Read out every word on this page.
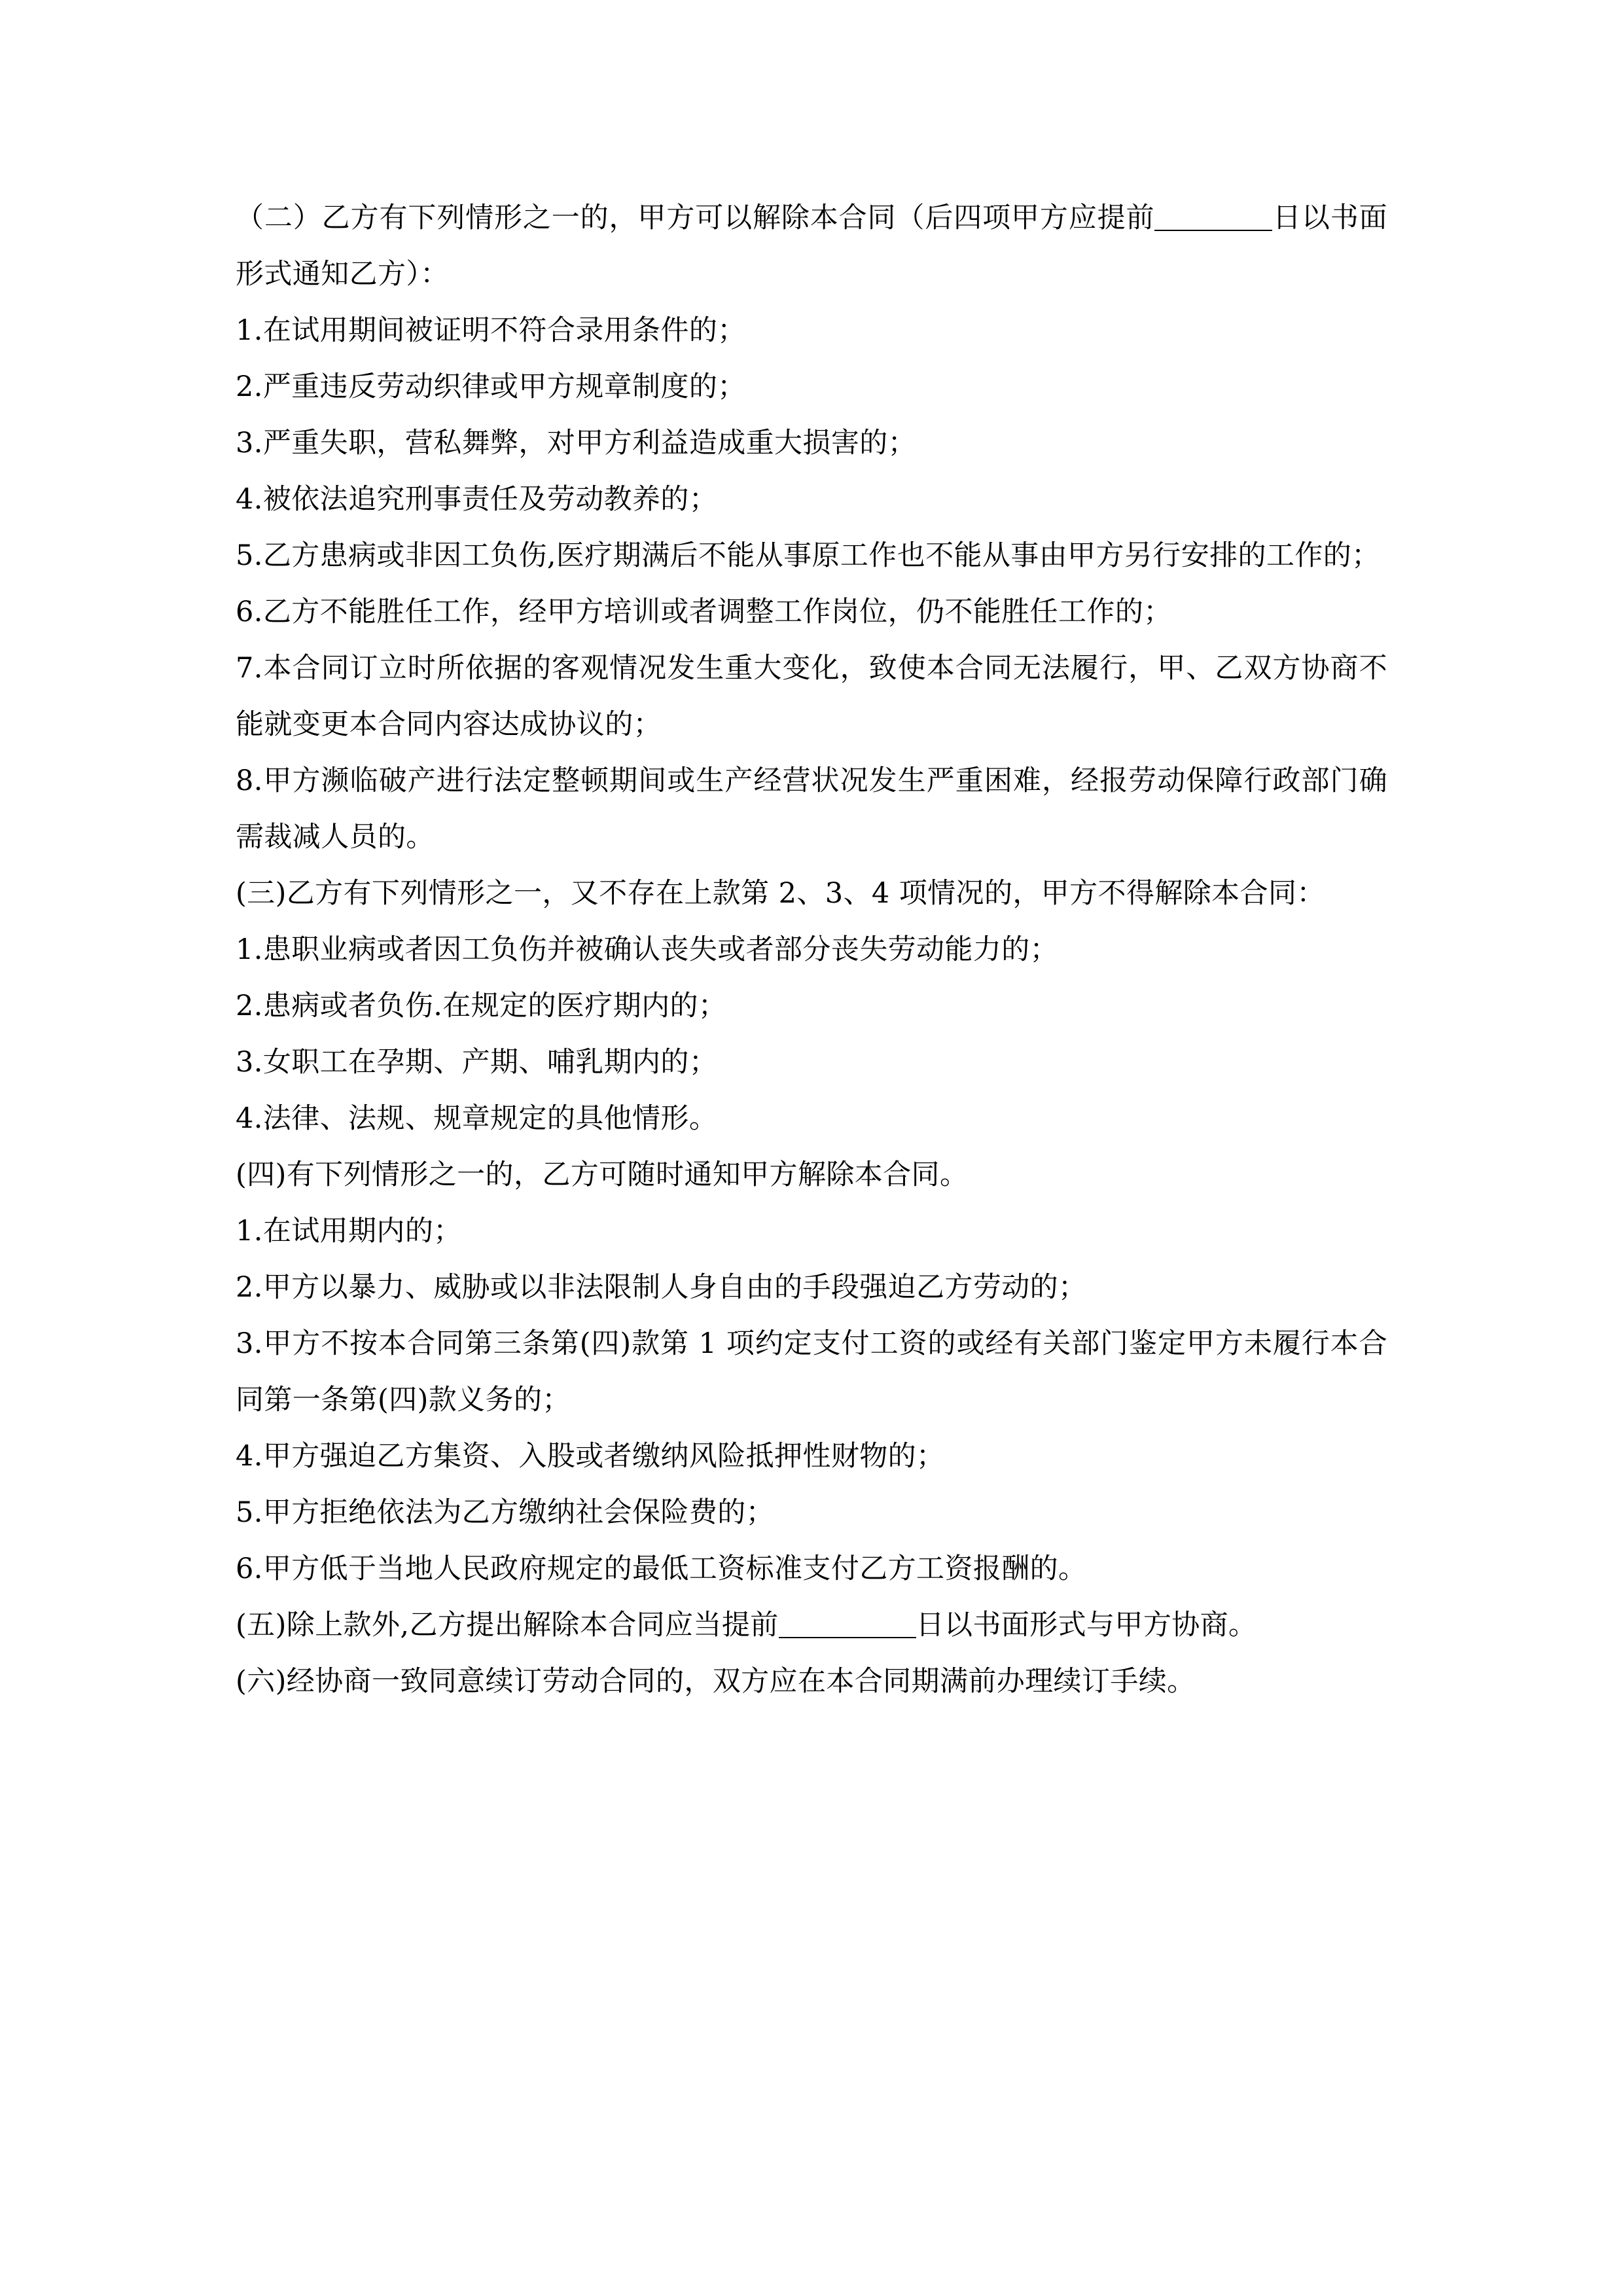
（二）乙方有下列情形之一的，甲方可以解除本合同（后四项甲方应提前	日以书面形式通知乙方）：

1.在试用期间被证明不符合录用条件的；

2.严重违反劳动织律或甲方规章制度的；

3.严重失职，营私舞弊，对甲方利益造成重大损害的；

4.被依法追究刑事责任及劳动教养的；

5.乙方患病或非因工负伤,医疗期满后不能从事原工作也不能从事由甲方另行安排的工作的；

6.乙方不能胜任工作，经甲方培训或者调整工作岗位，仍不能胜任工作的；

7.本合同订立时所依据的客观情况发生重大变化，致使本合同无法履行，甲、乙双方协商不能就变更本合同内容达成协议的；

8.甲方濒临破产进行法定整顿期间或生产经营状况发生严重困难，经报劳动保障行政部门确需裁减人员的。

(三)乙方有下列情形之一，又不存在上款第 2、3、4 项情况的，甲方不得解除本合同：

1.患职业病或者因工负伤并被确认丧失或者部分丧失劳动能力的；

2.患病或者负伤.在规定的医疗期内的；

3.女职工在孕期、产期、哺乳期内的；

4.法律、法规、规章规定的具他情形。

(四)有下列情形之一的，乙方可随时通知甲方解除本合同。

1.在试用期内的；

2.甲方以暴力、威胁或以非法限制人身自由的手段强迫乙方劳动的；

3.甲方不按本合同第三条第(四)款第 1 项约定支付工资的或经有关部门鉴定甲方未履行本合同第一条第(四)款义务的；

4.甲方强迫乙方集资、入股或者缴纳风险抵押性财物的；

5.甲方拒绝依法为乙方缴纳社会保险费的；

6.甲方低于当地人民政府规定的最低工资标准支付乙方工资报酬的。

(五)除上款外,乙方提出解除本合同应当提前	日以书面形式与甲方协商。

(六)经协商一致同意续订劳动合同的，双方应在本合同期满前办理续订手续。
